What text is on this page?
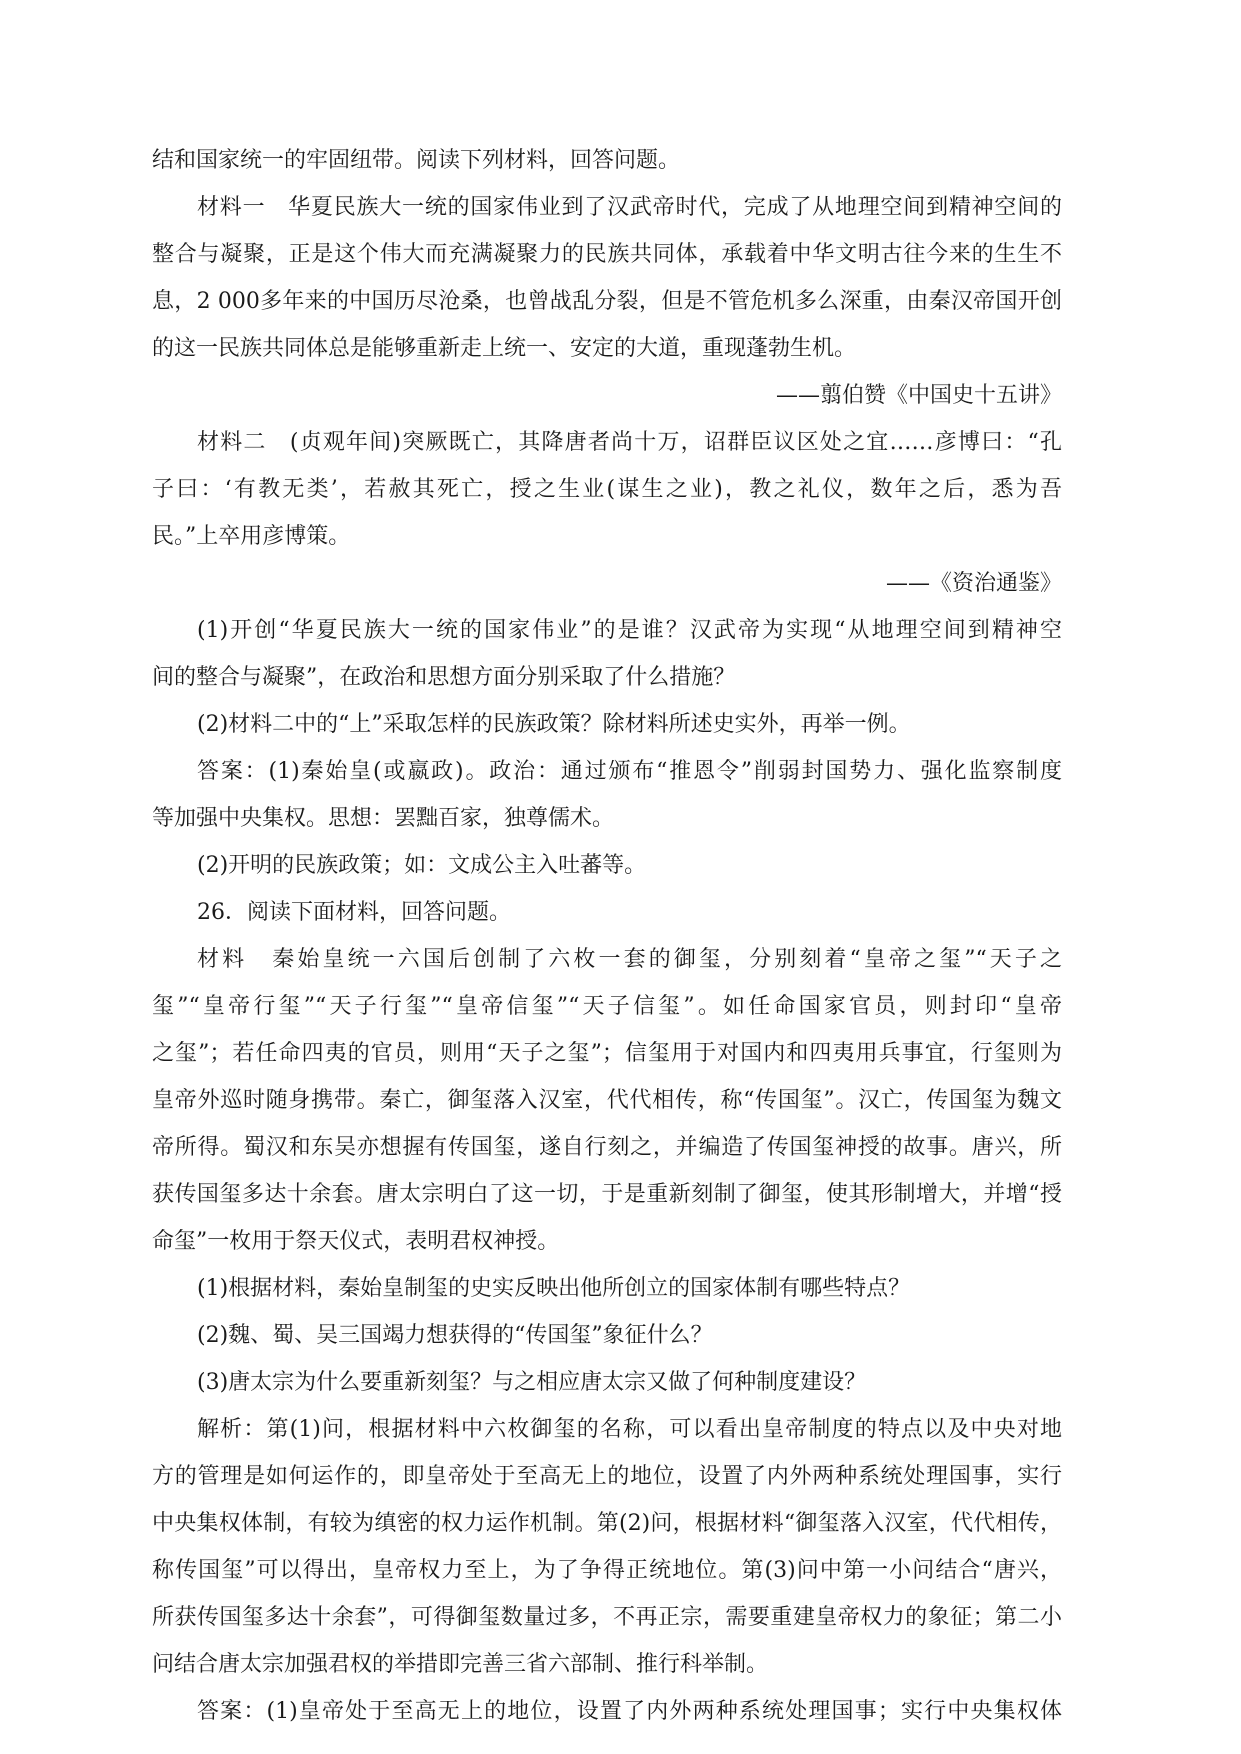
结和国家统一的牢固纽带。阅读下列材料，回答问题。
材料一　华夏民族大一统的国家伟业到了汉武帝时代，完成了从地理空间到精神空间的
整合与凝聚，正是这个伟大而充满凝聚力的民族共同体，承载着中华文明古往今来的生生不
息，2 000多年来的中国历尽沧桑，也曾战乱分裂，但是不管危机多么深重，由秦汉帝国开创
的这一民族共同体总是能够重新走上统一、安定的大道，重现蓬勃生机。
——翦伯赞《中国史十五讲》
材料二　(贞观年间)突厥既亡，其降唐者尚十万，诏群臣议区处之宜……彦博曰：“孔
子曰：‘有教无类’，若赦其死亡，授之生业(谋生之业)，教之礼仪，数年之后，悉为吾
民。”上卒用彦博策。
——《资治通鉴》
(1)开创“华夏民族大一统的国家伟业”的是谁？汉武帝为实现“从地理空间到精神空
间的整合与凝聚”，在政治和思想方面分别采取了什么措施？
(2)材料二中的“上”采取怎样的民族政策？除材料所述史实外，再举一例。
答案：(1)秦始皇(或嬴政)。政治：通过颁布“推恩令”削弱封国势力、强化监察制度
等加强中央集权。思想：罢黜百家，独尊儒术。
(2)开明的民族政策；如：文成公主入吐蕃等。
26．阅读下面材料，回答问题。
材料　秦始皇统一六国后创制了六枚一套的御玺，分别刻着“皇帝之玺”“天子之
玺”“皇帝行玺”“天子行玺”“皇帝信玺”“天子信玺”。如任命国家官员，则封印“皇帝
之玺”；若任命四夷的官员，则用“天子之玺”；信玺用于对国内和四夷用兵事宜，行玺则为
皇帝外巡时随身携带。秦亡，御玺落入汉室，代代相传，称“传国玺”。汉亡，传国玺为魏文
帝所得。蜀汉和东吴亦想握有传国玺，遂自行刻之，并编造了传国玺神授的故事。唐兴，所
获传国玺多达十余套。唐太宗明白了这一切，于是重新刻制了御玺，使其形制增大，并增“授
命玺”一枚用于祭天仪式，表明君权神授。
(1)根据材料，秦始皇制玺的史实反映出他所创立的国家体制有哪些特点？
(2)魏、蜀、吴三国竭力想获得的“传国玺”象征什么？
(3)唐太宗为什么要重新刻玺？与之相应唐太宗又做了何种制度建设？
解析：第(1)问，根据材料中六枚御玺的名称，可以看出皇帝制度的特点以及中央对地
方的管理是如何运作的，即皇帝处于至高无上的地位，设置了内外两种系统处理国事，实行
中央集权体制，有较为缜密的权力运作机制。第(2)问，根据材料“御玺落入汉室，代代相传，
称传国玺”可以得出，皇帝权力至上，为了争得正统地位。第(3)问中第一小问结合“唐兴，
所获传国玺多达十余套”，可得御玺数量过多，不再正宗，需要重建皇帝权力的象征；第二小
问结合唐太宗加强君权的举措即完善三省六部制、推行科举制。
答案：(1)皇帝处于至高无上的地位，设置了内外两种系统处理国事；实行中央集权体
